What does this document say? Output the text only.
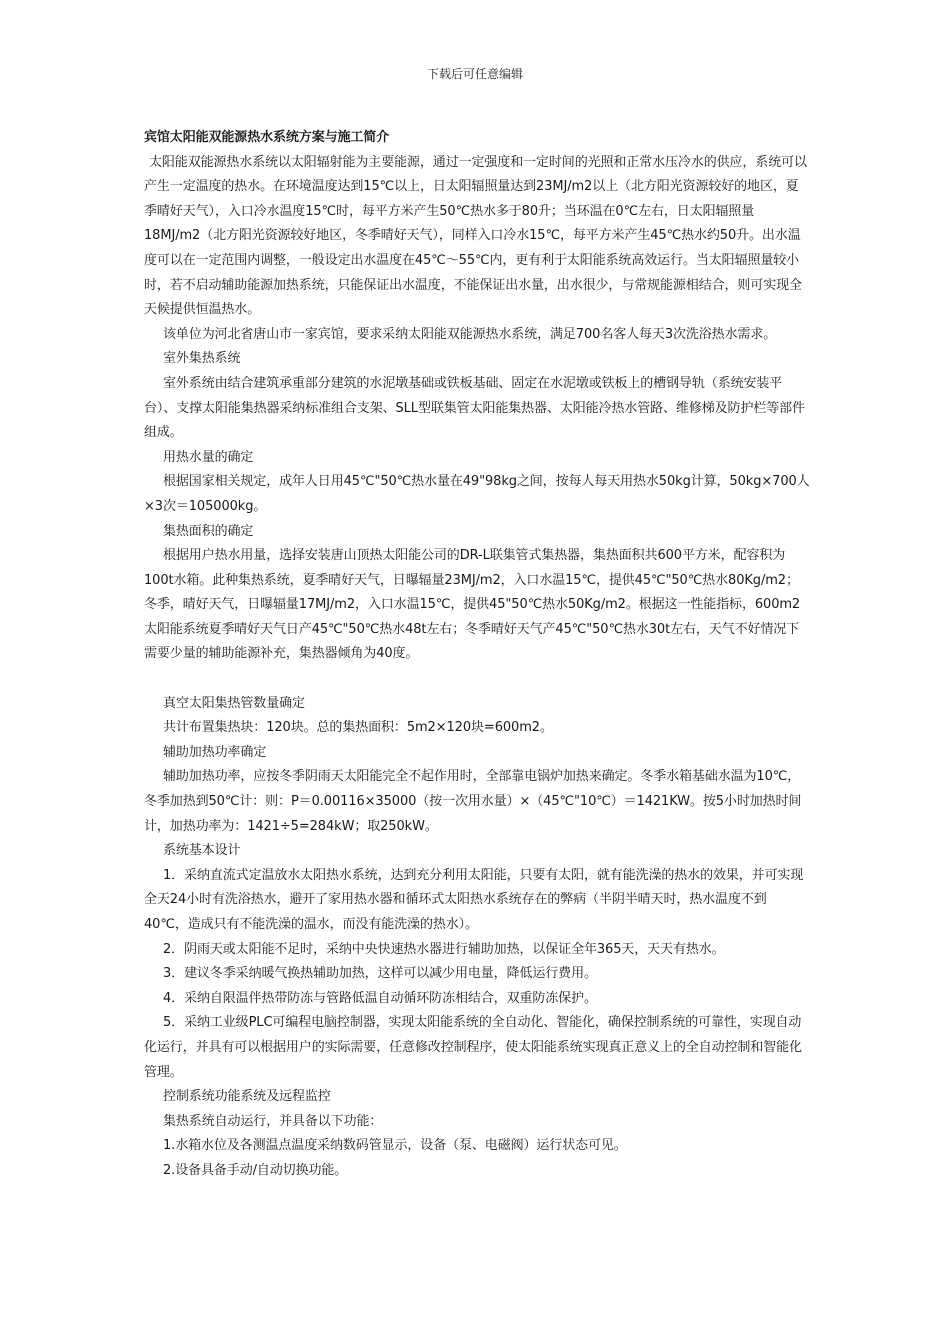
下载后可任意编辑

宾馆太阳能双能源热水系统方案与施工简介

太阳能双能源热水系统以太阳辐射能为主要能源，通过一定强度和一定时间的光照和正常水压冷水的供应，系统可以产生一定温度的热水。在环境温度达到15℃以上，日太阳辐照量达到23MJ/m2以上（北方阳光资源较好的地区，夏季晴好天气），入口冷水温度15℃时，每平方米产生50℃热水多于80升；当环温在0℃左右，日太阳辐照量18MJ/m2（北方阳光资源较好地区，冬季晴好天气），同样入口冷水15℃，每平方米产生45℃热水约50升。出水温度可以在一定范围内调整，一般设定出水温度在45℃～55℃内，更有利于太阳能系统高效运行。当太阳辐照量较小时，若不启动辅助能源加热系统，只能保证出水温度，不能保证出水量，出水很少，与常规能源相结合，则可实现全天候提供恒温热水。

该单位为河北省唐山市一家宾馆，要求采纳太阳能双能源热水系统，满足700名客人每天3次洗浴热水需求。

室外集热系统

室外系统由结合建筑承重部分建筑的水泥墩基础或铁板基础、固定在水泥墩或铁板上的槽钢导轨（系统安装平台）、支撑太阳能集热器采纳标准组合支架、SLL型联集管太阳能集热器、太阳能冷热水管路、维修梯及防护栏等部件组成。

用热水量的确定

根据国家相关规定，成年人日用45℃"50℃热水量在49"98kg之间，按每人每天用热水50kg计算，50kg×700人×3次＝105000kg。

集热面积的确定

根据用户热水用量，选择安装唐山顶热太阳能公司的DR-L联集管式集热器，集热面积共600平方米，配容积为100t水箱。此种集热系统，夏季晴好天气，日曝辐量23MJ/m2，入口水温15℃，提供45℃"50℃热水80Kg/m2；冬季，晴好天气，日曝辐量17MJ/m2，入口水温15℃，提供45"50℃热水50Kg/m2。根据这一性能指标，600m2太阳能系统夏季晴好天气日产45℃"50℃热水48t左右；冬季晴好天气产45℃"50℃热水30t左右，天气不好情况下需要少量的辅助能源补充，集热器倾角为40度。

真空太阳集热管数量确定

共计布置集热块：120块。总的集热面积：5m2×120块=600m2。

辅助加热功率确定

辅助加热功率，应按冬季阴雨天太阳能完全不起作用时，全部靠电锅炉加热来确定。冬季水箱基础水温为10℃，冬季加热到50℃计：则：P＝0.00116×35000（按一次用水量）×（45℃"10℃）＝1421KW。按5小时加热时间计，加热功率为：1421÷5=284kW；取250kW。

系统基本设计

1．采纳直流式定温放水太阳热水系统，达到充分利用太阳能，只要有太阳，就有能洗澡的热水的效果，并可实现全天24小时有洗浴热水，避开了家用热水器和循环式太阳热水系统存在的弊病（半阴半晴天时，热水温度不到40℃，造成只有不能洗澡的温水，而没有能洗澡的热水）。

2．阴雨天或太阳能不足时，采纳中央快速热水器进行辅助加热，以保证全年365天，天天有热水。

3．建议冬季采纳暖气换热辅助加热，这样可以减少用电量，降低运行费用。

4．采纳自限温伴热带防冻与管路低温自动循环防冻相结合，双重防冻保护。

5．采纳工业级PLC可编程电脑控制器，实现太阳能系统的全自动化、智能化，确保控制系统的可靠性，实现自动化运行，并具有可以根据用户的实际需要，任意修改控制程序，使太阳能系统实现真正意义上的全自动控制和智能化管理。

控制系统功能系统及远程监控

集热系统自动运行，并具备以下功能：

1.水箱水位及各测温点温度采纳数码管显示，设备（泵、电磁阀）运行状态可见。

2.设备具备手动/自动切换功能。
